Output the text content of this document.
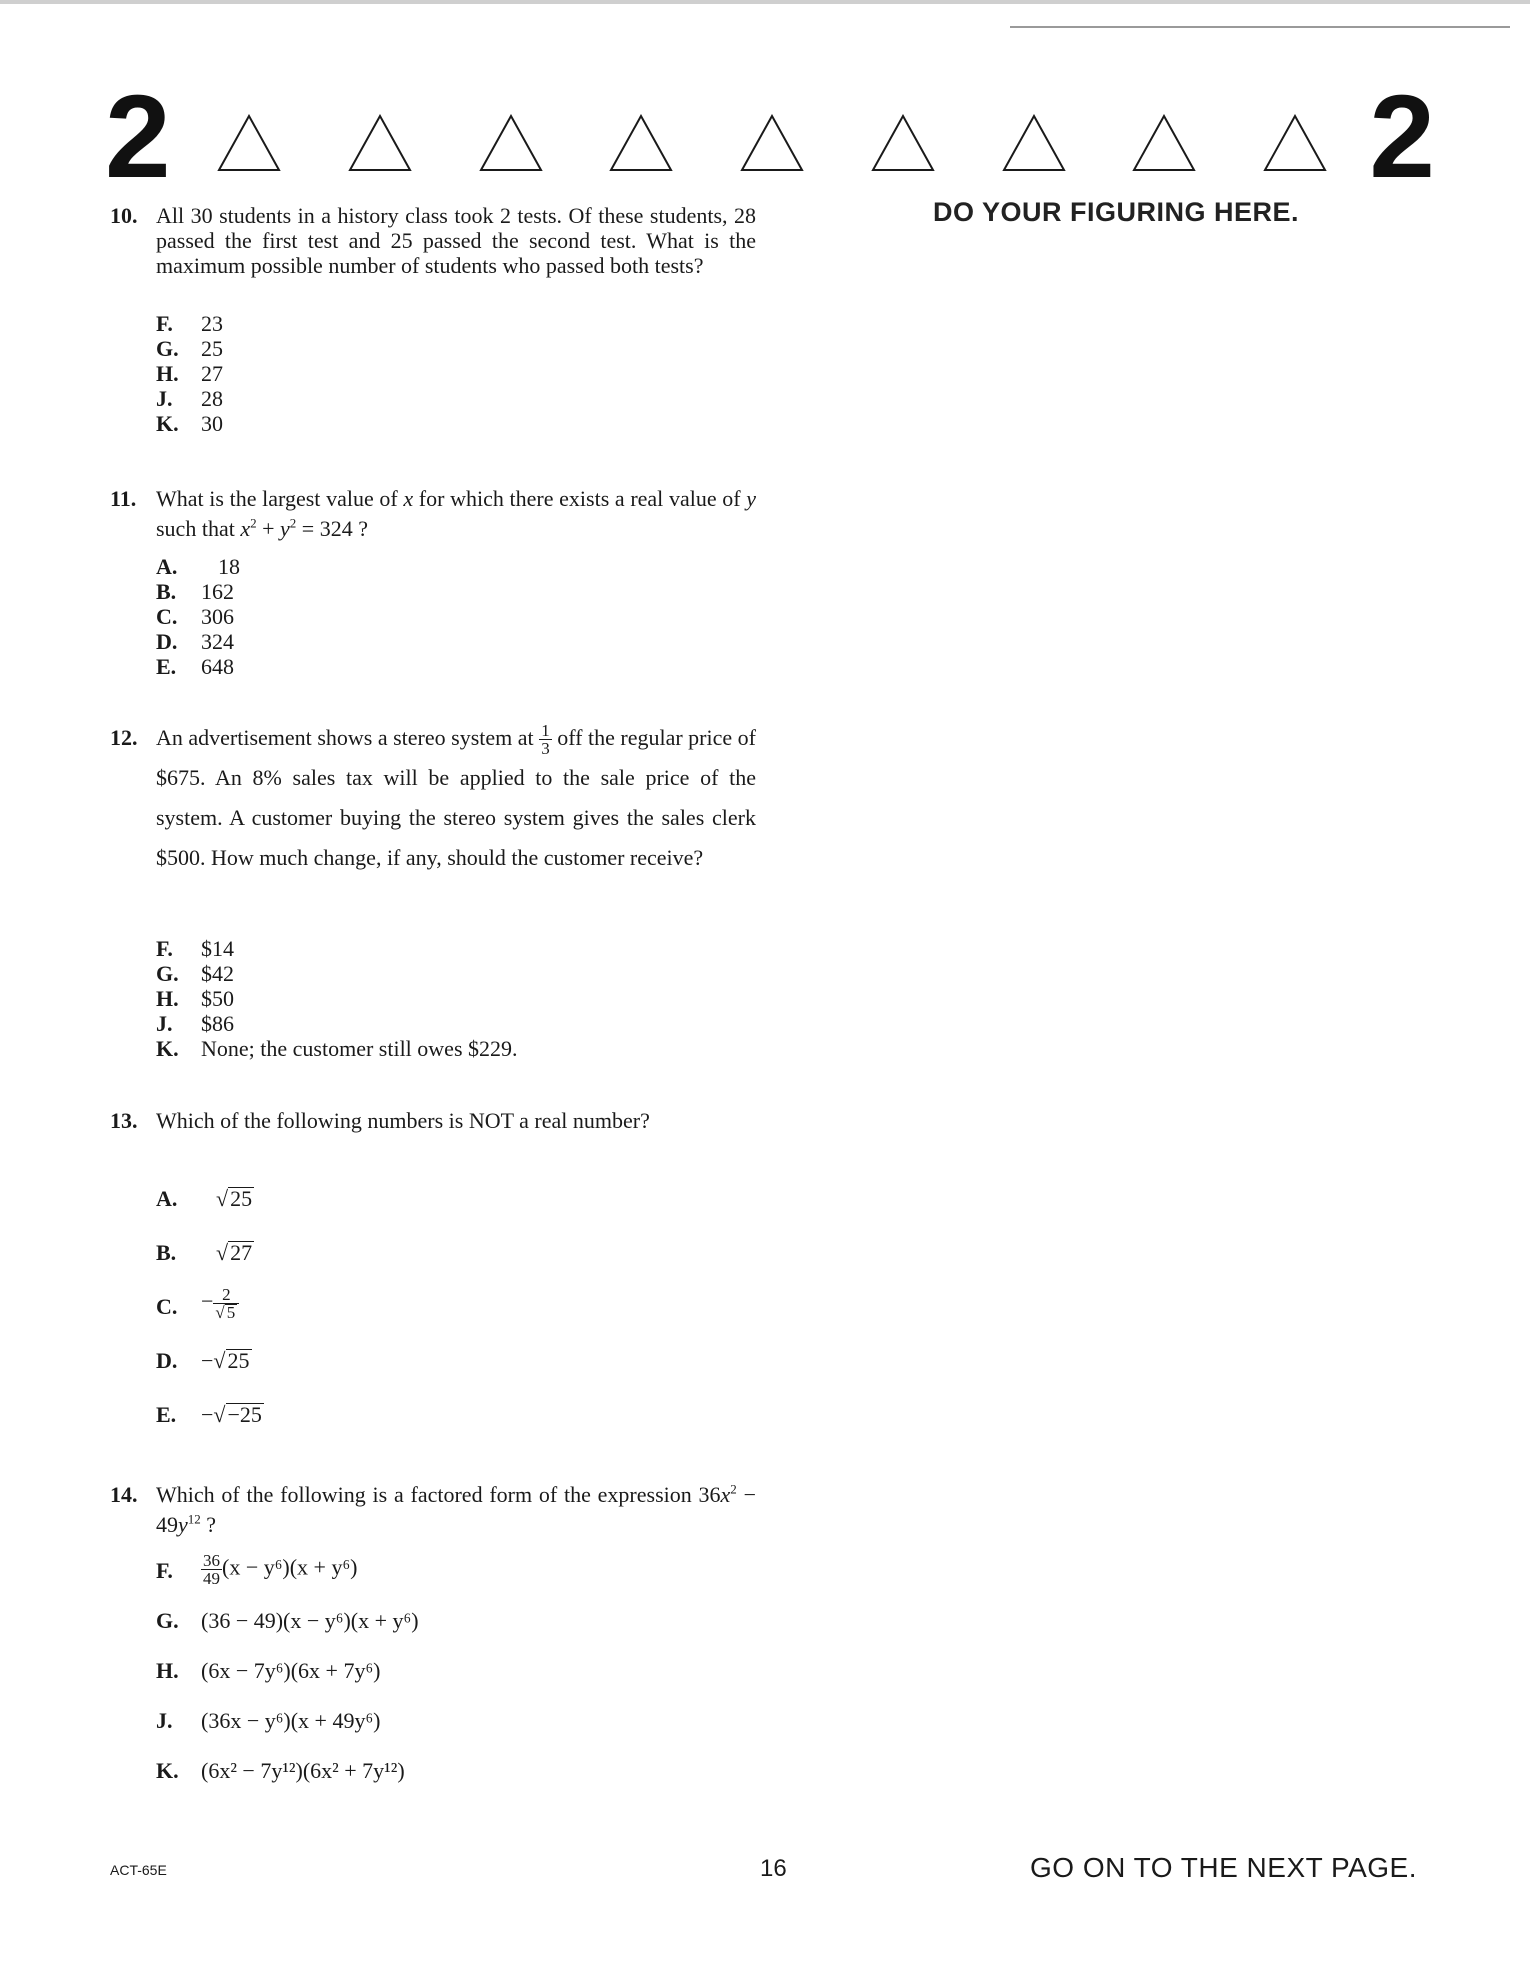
2	2
DO YOUR FIGURING HERE.
10. All 30 students in a history class took 2 tests. Of these students, 28 passed the first test and 25 passed the second test. What is the maximum possible number of students who passed both tests?
F.	23
G.	25
H.	27
J.	28
K.	30
11. What is the largest value of x for which there exists a real value of y such that $x^2 + y^2 = 324$ ?
A.	18
B.	162
C.	306
D.	324
E.	648
12. An advertisement shows a stereo system at $\frac{1}{3}$ off the regular price of $675. An 8% sales tax will be applied to the sale price of the system. A customer buying the stereo system gives the sales clerk $500. How much change, if any, should the customer receive?
F.	$14
G.	$42
H.	$50
J.	$86
K.	None; the customer still owes $229.
13. Which of the following numbers is NOT a real number?
A.	√25
B.	√27
C.	− $\frac{2}{√ 5}$
D.	−√25
E.	−√−25
14. Which of the following is a factored form of the expression $36x^2 - 49y^{12}$ ?
F.	$\frac{36}{49} (x - y^6)(x + y^6)$
G.	(36 − 49)(x − y⁶)(x + y⁶)
H.	(6x − 7y⁶)(6x + 7y⁶)
J.	(36x − y⁶)(x + 49y⁶)
K.	(6x² − 7y¹²)(6x² + 7y¹²)
ACT-65E	16	GO ON TO THE NEXT PAGE.
